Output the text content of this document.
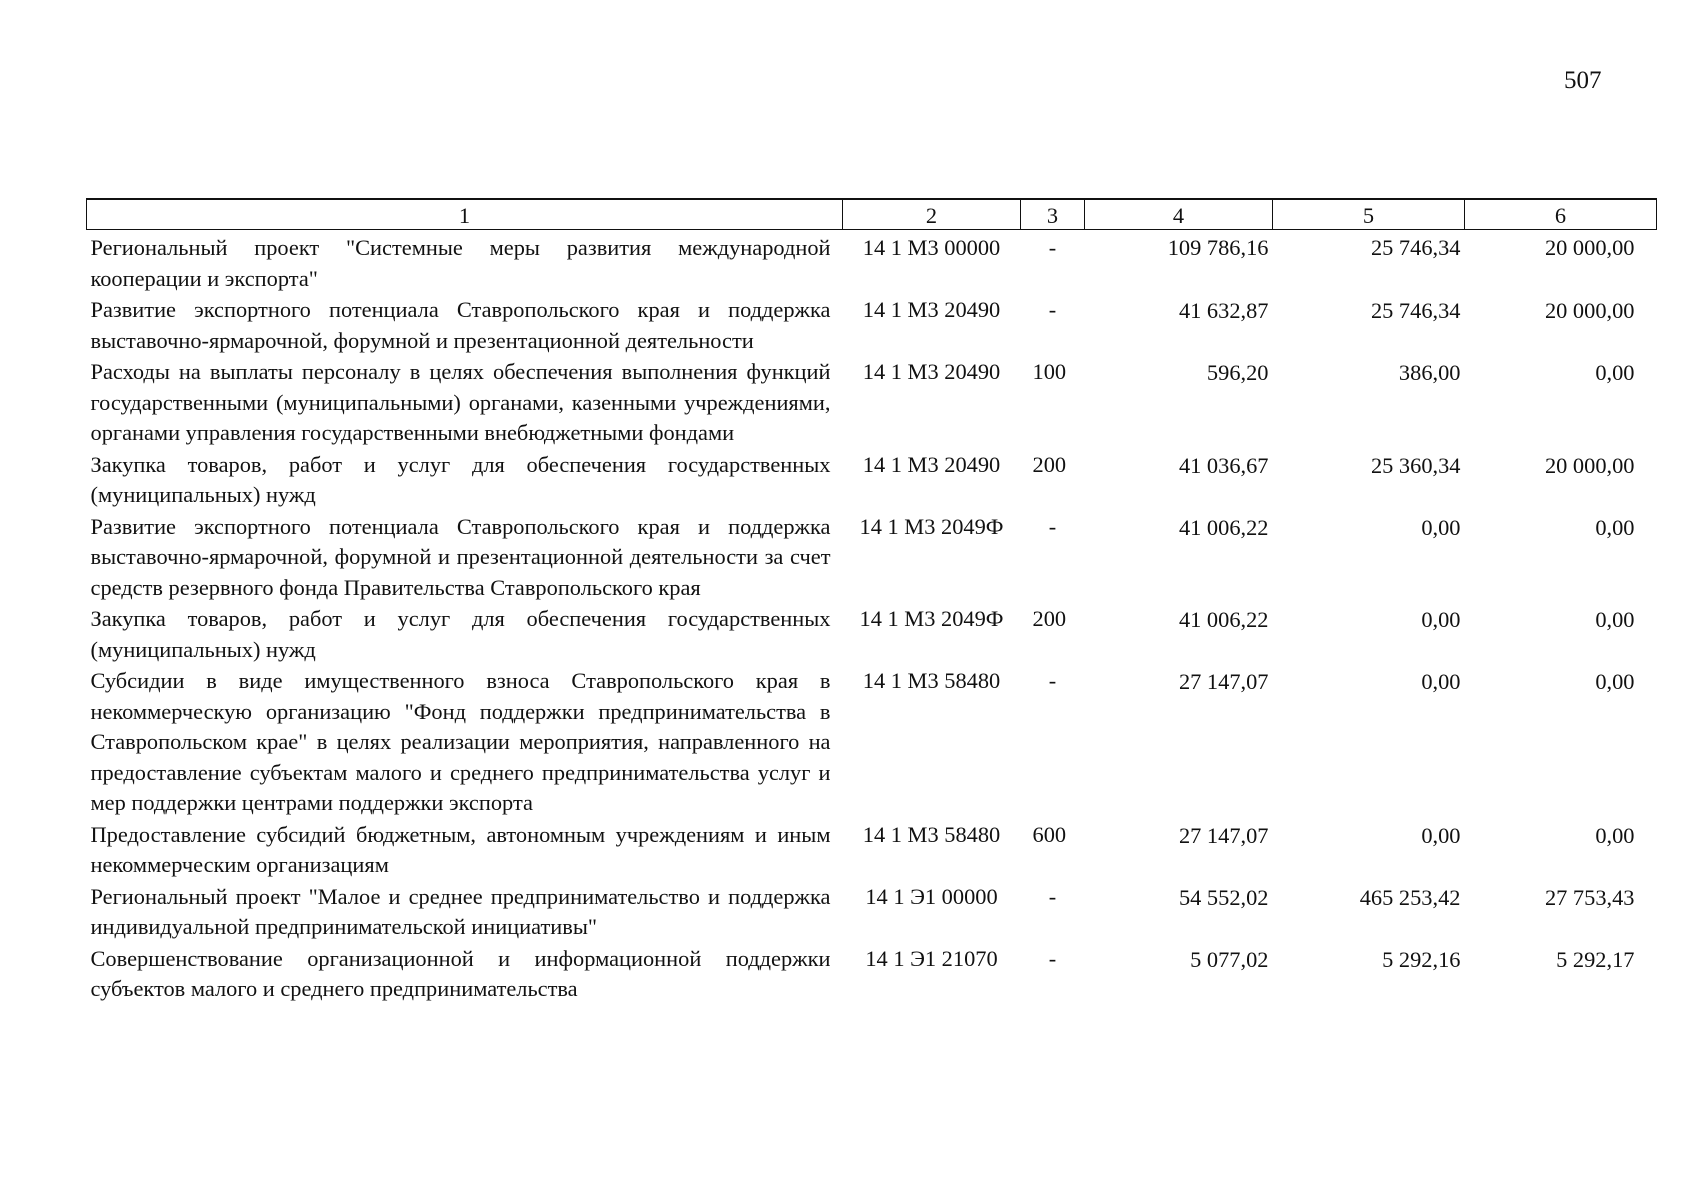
507
1	2	3	4	5	6
Региональный проект "Системные меры развития международной кооперации и экспорта"	14 1 M3 00000	-	109 786,16	25 746,34	20 000,00
Развитие экспортного потенциала Ставропольского края и поддержка выставочно-ярмарочной, форумной и презентационной деятельности	14 1 M3 20490	-	41 632,87	25 746,34	20 000,00
Расходы на выплаты персоналу в целях обеспечения выполнения функций государственными (муниципальными) органами, казенными учреждениями, органами управления государственными внебюджетными фондами	14 1 M3 20490	100	596,20	386,00	0,00
Закупка товаров, работ и услуг для обеспечения государственных (муниципальных) нужд	14 1 M3 20490	200	41 036,67	25 360,34	20 000,00
Развитие экспортного потенциала Ставропольского края и поддержка выставочно-ярмарочной, форумной и презентационной деятельности за счет средств резервного фонда Правительства Ставропольского края	14 1 M3 2049Ф	-	41 006,22	0,00	0,00
Закупка товаров, работ и услуг для обеспечения государственных (муниципальных) нужд	14 1 M3 2049Ф	200	41 006,22	0,00	0,00
Субсидии в виде имущественного взноса Ставропольского края в некоммерческую организацию "Фонд поддержки предпринимательства в Ставропольском крае" в целях реализации мероприятия, направленного на предоставление субъектам малого и среднего предпринимательства услуг и мер поддержки центрами поддержки экспорта	14 1 M3 58480	-	27 147,07	0,00	0,00
Предоставление субсидий бюджетным, автономным учреждениям и иным некоммерческим организациям	14 1 M3 58480	600	27 147,07	0,00	0,00
Региональный проект "Малое и среднее предпринимательство и поддержка индивидуальной предпринимательской инициативы"	14 1 Э1 00000	-	54 552,02	465 253,42	27 753,43
Совершенствование организационной и информационной поддержки субъектов малого и среднего предпринимательства	14 1 Э1 21070	-	5 077,02	5 292,16	5 292,17
